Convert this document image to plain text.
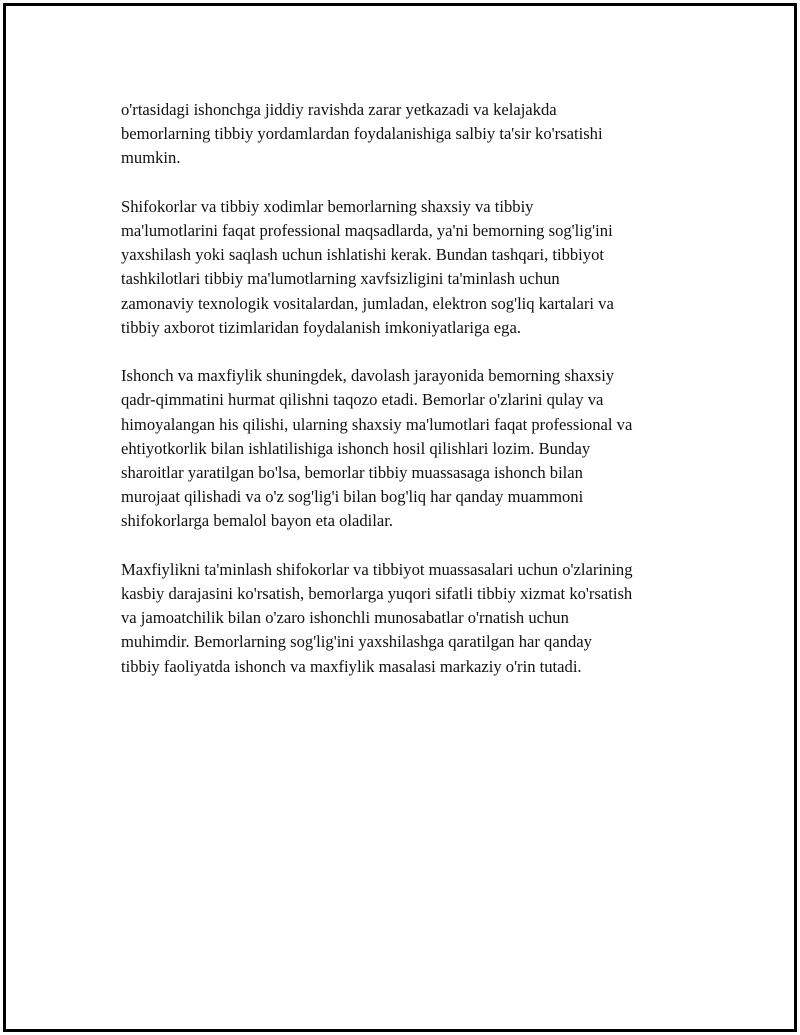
o'rtasidagi ishonchga jiddiy ravishda zarar yetkazadi va kelajakda
bemorlarning tibbiy yordamlardan foydalanishiga salbiy ta'sir ko'rsatishi
mumkin.

Shifokorlar va tibbiy xodimlar bemorlarning shaxsiy va tibbiy
ma'lumotlarini faqat professional maqsadlarda, ya'ni bemorning sog'lig'ini
yaxshilash yoki saqlash uchun ishlatishi kerak. Bundan tashqari, tibbiyot
tashkilotlari tibbiy ma'lumotlarning xavfsizligini ta'minlash uchun
zamonaviy texnologik vositalardan, jumladan, elektron sog'liq kartalari va
tibbiy axborot tizimlaridan foydalanish imkoniyatlariga ega.

Ishonch va maxfiylik shuningdek, davolash jarayonida bemorning shaxsiy
qadr-qimmatini hurmat qilishni taqozo etadi. Bemorlar o'zlarini qulay va
himoyalangan his qilishi, ularning shaxsiy ma'lumotlari faqat professional va
ehtiyotkorlik bilan ishlatilishiga ishonch hosil qilishlari lozim. Bunday
sharoitlar yaratilgan bo'lsa, bemorlar tibbiy muassasaga ishonch bilan
murojaat qilishadi va o'z sog'lig'i bilan bog'liq har qanday muammoni
shifokorlarga bemalol bayon eta oladilar.

Maxfiylikni ta'minlash shifokorlar va tibbiyot muassasalari uchun o'zlarining
kasbiy darajasini ko'rsatish, bemorlarga yuqori sifatli tibbiy xizmat ko'rsatish
va jamoatchilik bilan o'zaro ishonchli munosabatlar o'rnatish uchun
muhimdir. Bemorlarning sog'lig'ini yaxshilashga qaratilgan har qanday
tibbiy faoliyatda ishonch va maxfiylik masalasi markaziy o'rin tutadi.
